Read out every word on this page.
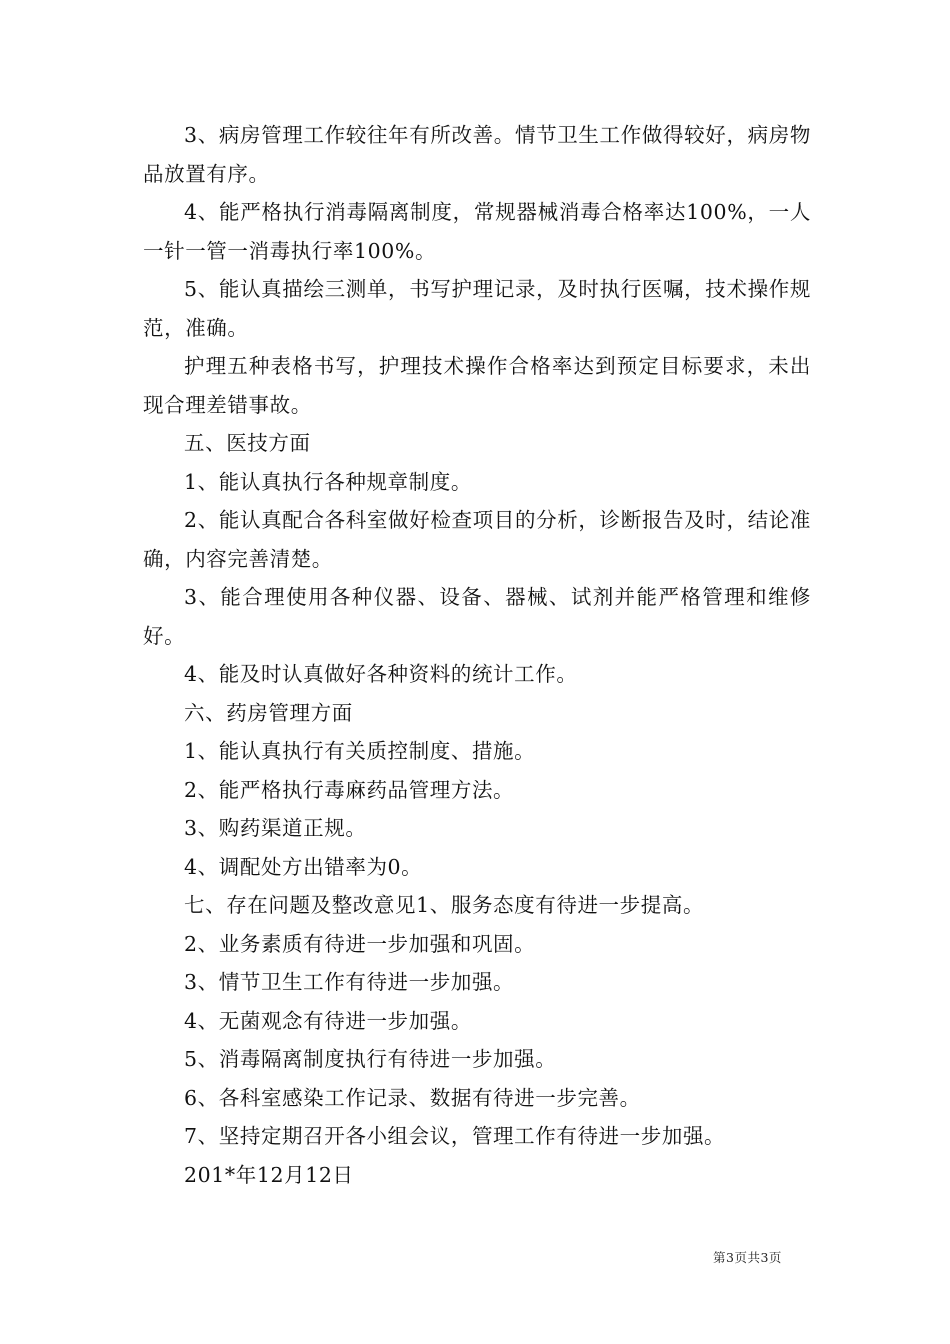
3、病房管理工作较往年有所改善。情节卫生工作做得较好，病房物品放置有序。

4、能严格执行消毒隔离制度，常规器械消毒合格率达100%，一人一针一管一消毒执行率100%。

5、能认真描绘三测单，书写护理记录，及时执行医嘱，技术操作规范，准确。

护理五种表格书写，护理技术操作合格率达到预定目标要求，未出现合理差错事故。

五、医技方面

1、能认真执行各种规章制度。

2、能认真配合各科室做好检查项目的分析，诊断报告及时，结论准确，内容完善清楚。

3、能合理使用各种仪器、设备、器械、试剂并能严格管理和维修好。

4、能及时认真做好各种资料的统计工作。

六、药房管理方面

1、能认真执行有关质控制度、措施。

2、能严格执行毒麻药品管理方法。

3、购药渠道正规。

4、调配处方出错率为0。

七、存在问题及整改意见1、服务态度有待进一步提高。

2、业务素质有待进一步加强和巩固。

3、情节卫生工作有待进一步加强。

4、无菌观念有待进一步加强。

5、消毒隔离制度执行有待进一步加强。

6、各科室感染工作记录、数据有待进一步完善。

7、坚持定期召开各小组会议，管理工作有待进一步加强。

201*年12月12日

第3页共3页
